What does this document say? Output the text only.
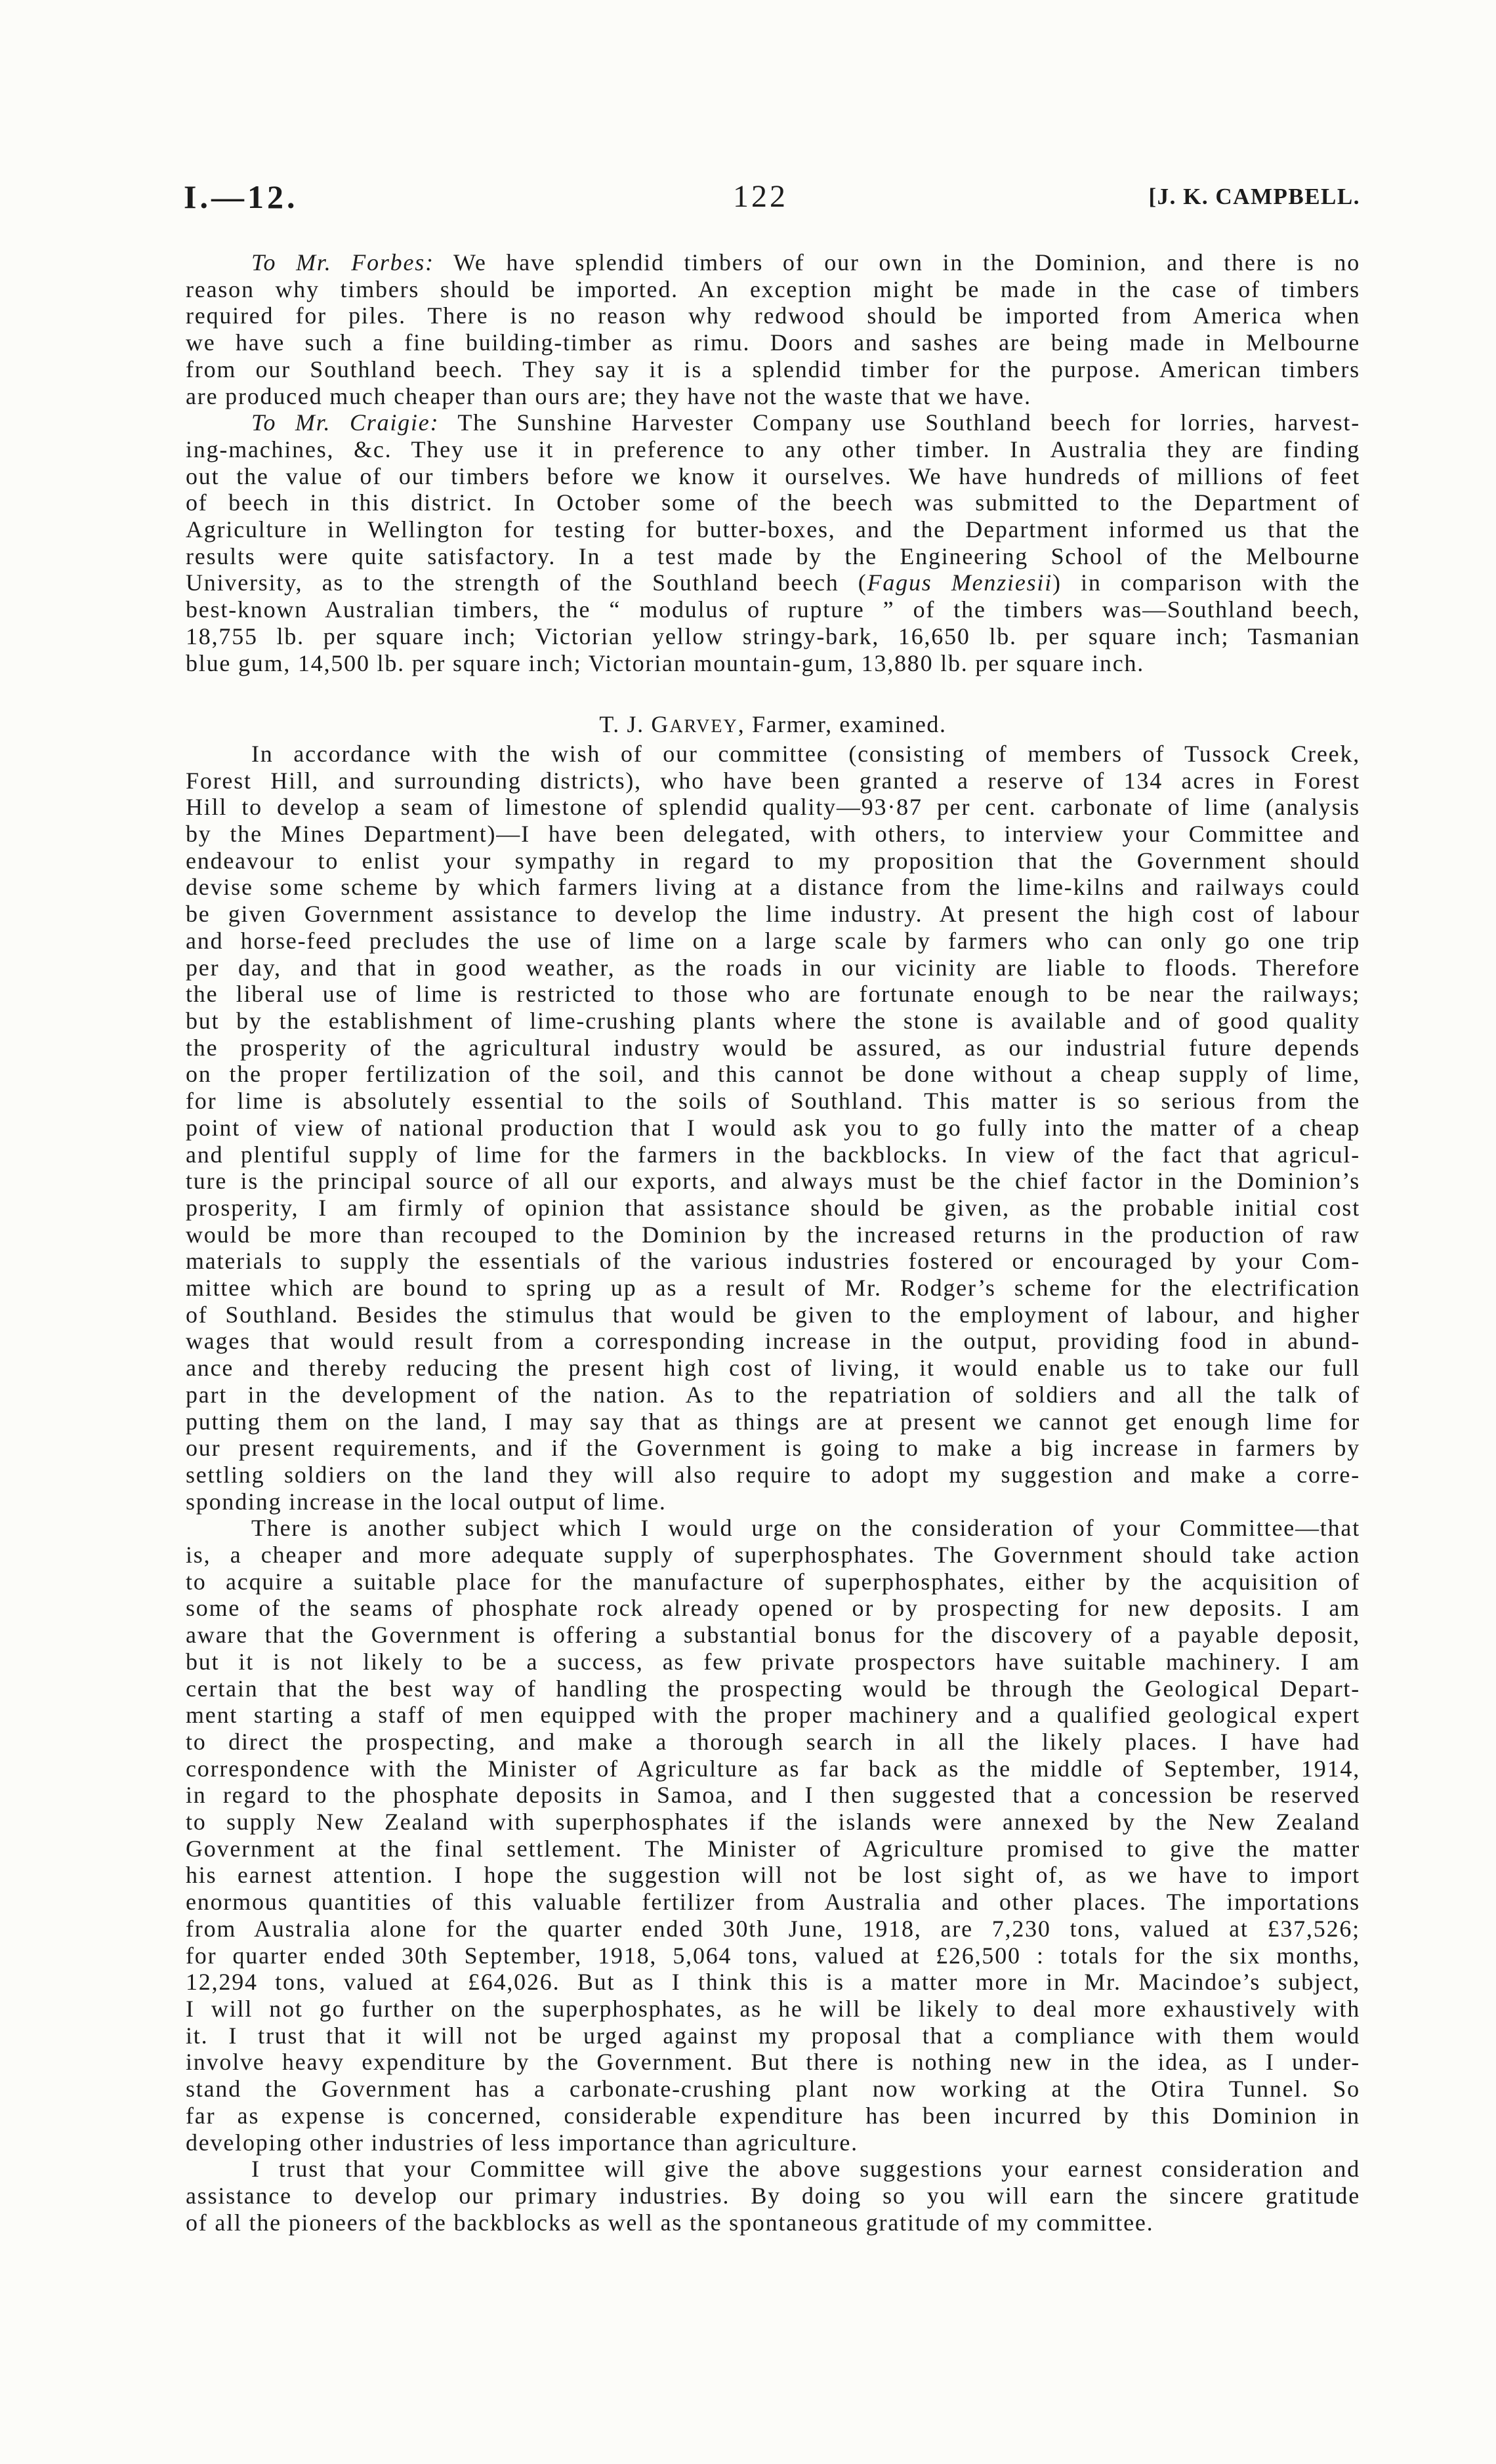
I.—12.	122	[J. K. CAMPBELL.
To Mr. Forbes: We have splendid timbers of our own in the Dominion, and there is no
reason why timbers should be imported. An exception might be made in the case of timbers
required for piles. There is no reason why redwood should be imported from America when
we have such a fine building-timber as rimu. Doors and sashes are being made in Melbourne
from our Southland beech. They say it is a splendid timber for the purpose. American timbers
are produced much cheaper than ours are; they have not the waste that we have.
To Mr. Craigie: The Sunshine Harvester Company use Southland beech for lorries, harvest-
ing-machines, &c. They use it in preference to any other timber. In Australia they are finding
out the value of our timbers before we know it ourselves. We have hundreds of millions of feet
of beech in this district. In October some of the beech was submitted to the Department of
Agriculture in Wellington for testing for butter-boxes, and the Department informed us that the
results were quite satisfactory. In a test made by the Engineering School of the Melbourne
University, as to the strength of the Southland beech (Fagus Menziesii) in comparison with the
best-known Australian timbers, the “ modulus of rupture ” of the timbers was—Southland beech,
18,755 lb. per square inch; Victorian yellow stringy-bark, 16,650 lb. per square inch; Tasmanian
blue gum, 14,500 lb. per square inch; Victorian mountain-gum, 13,880 lb. per square inch.
T. J. GARVEY, Farmer, examined.
In accordance with the wish of our committee (consisting of members of Tussock Creek,
Forest Hill, and surrounding districts), who have been granted a reserve of 134 acres in Forest
Hill to develop a seam of limestone of splendid quality—93·87 per cent. carbonate of lime (analysis
by the Mines Department)—I have been delegated, with others, to interview your Committee and
endeavour to enlist your sympathy in regard to my proposition that the Government should
devise some scheme by which farmers living at a distance from the lime-kilns and railways could
be given Government assistance to develop the lime industry. At present the high cost of labour
and horse-feed precludes the use of lime on a large scale by farmers who can only go one trip
per day, and that in good weather, as the roads in our vicinity are liable to floods. Therefore
the liberal use of lime is restricted to those who are fortunate enough to be near the railways;
but by the establishment of lime-crushing plants where the stone is available and of good quality
the prosperity of the agricultural industry would be assured, as our industrial future depends
on the proper fertilization of the soil, and this cannot be done without a cheap supply of lime,
for lime is absolutely essential to the soils of Southland. This matter is so serious from the
point of view of national production that I would ask you to go fully into the matter of a cheap
and plentiful supply of lime for the farmers in the backblocks. In view of the fact that agricul-
ture is the principal source of all our exports, and always must be the chief factor in the Dominion’s
prosperity, I am firmly of opinion that assistance should be given, as the probable initial cost
would be more than recouped to the Dominion by the increased returns in the production of raw
materials to supply the essentials of the various industries fostered or encouraged by your Com-
mittee which are bound to spring up as a result of Mr. Rodger’s scheme for the electrification
of Southland. Besides the stimulus that would be given to the employment of labour, and higher
wages that would result from a corresponding increase in the output, providing food in abund-
ance and thereby reducing the present high cost of living, it would enable us to take our full
part in the development of the nation. As to the repatriation of soldiers and all the talk of
putting them on the land, I may say that as things are at present we cannot get enough lime for
our present requirements, and if the Government is going to make a big increase in farmers by
settling soldiers on the land they will also require to adopt my suggestion and make a corre-
sponding increase in the local output of lime.
There is another subject which I would urge on the consideration of your Committee—that
is, a cheaper and more adequate supply of superphosphates. The Government should take action
to acquire a suitable place for the manufacture of superphosphates, either by the acquisition of
some of the seams of phosphate rock already opened or by prospecting for new deposits. I am
aware that the Government is offering a substantial bonus for the discovery of a payable deposit,
but it is not likely to be a success, as few private prospectors have suitable machinery. I am
certain that the best way of handling the prospecting would be through the Geological Depart-
ment starting a staff of men equipped with the proper machinery and a qualified geological expert
to direct the prospecting, and make a thorough search in all the likely places. I have had
correspondence with the Minister of Agriculture as far back as the middle of September, 1914,
in regard to the phosphate deposits in Samoa, and I then suggested that a concession be reserved
to supply New Zealand with superphosphates if the islands were annexed by the New Zealand
Government at the final settlement. The Minister of Agriculture promised to give the matter
his earnest attention. I hope the suggestion will not be lost sight of, as we have to import
enormous quantities of this valuable fertilizer from Australia and other places. The importations
from Australia alone for the quarter ended 30th June, 1918, are 7,230 tons, valued at £37,526;
for quarter ended 30th September, 1918, 5,064 tons, valued at £26,500 : totals for the six months,
12,294 tons, valued at £64,026. But as I think this is a matter more in Mr. Macindoe’s subject,
I will not go further on the superphosphates, as he will be likely to deal more exhaustively with
it. I trust that it will not be urged against my proposal that a compliance with them would
involve heavy expenditure by the Government. But there is nothing new in the idea, as I under-
stand the Government has a carbonate-crushing plant now working at the Otira Tunnel. So
far as expense is concerned, considerable expenditure has been incurred by this Dominion in
developing other industries of less importance than agriculture.
I trust that your Committee will give the above suggestions your earnest consideration and
assistance to develop our primary industries. By doing so you will earn the sincere gratitude
of all the pioneers of the backblocks as well as the spontaneous gratitude of my committee.
